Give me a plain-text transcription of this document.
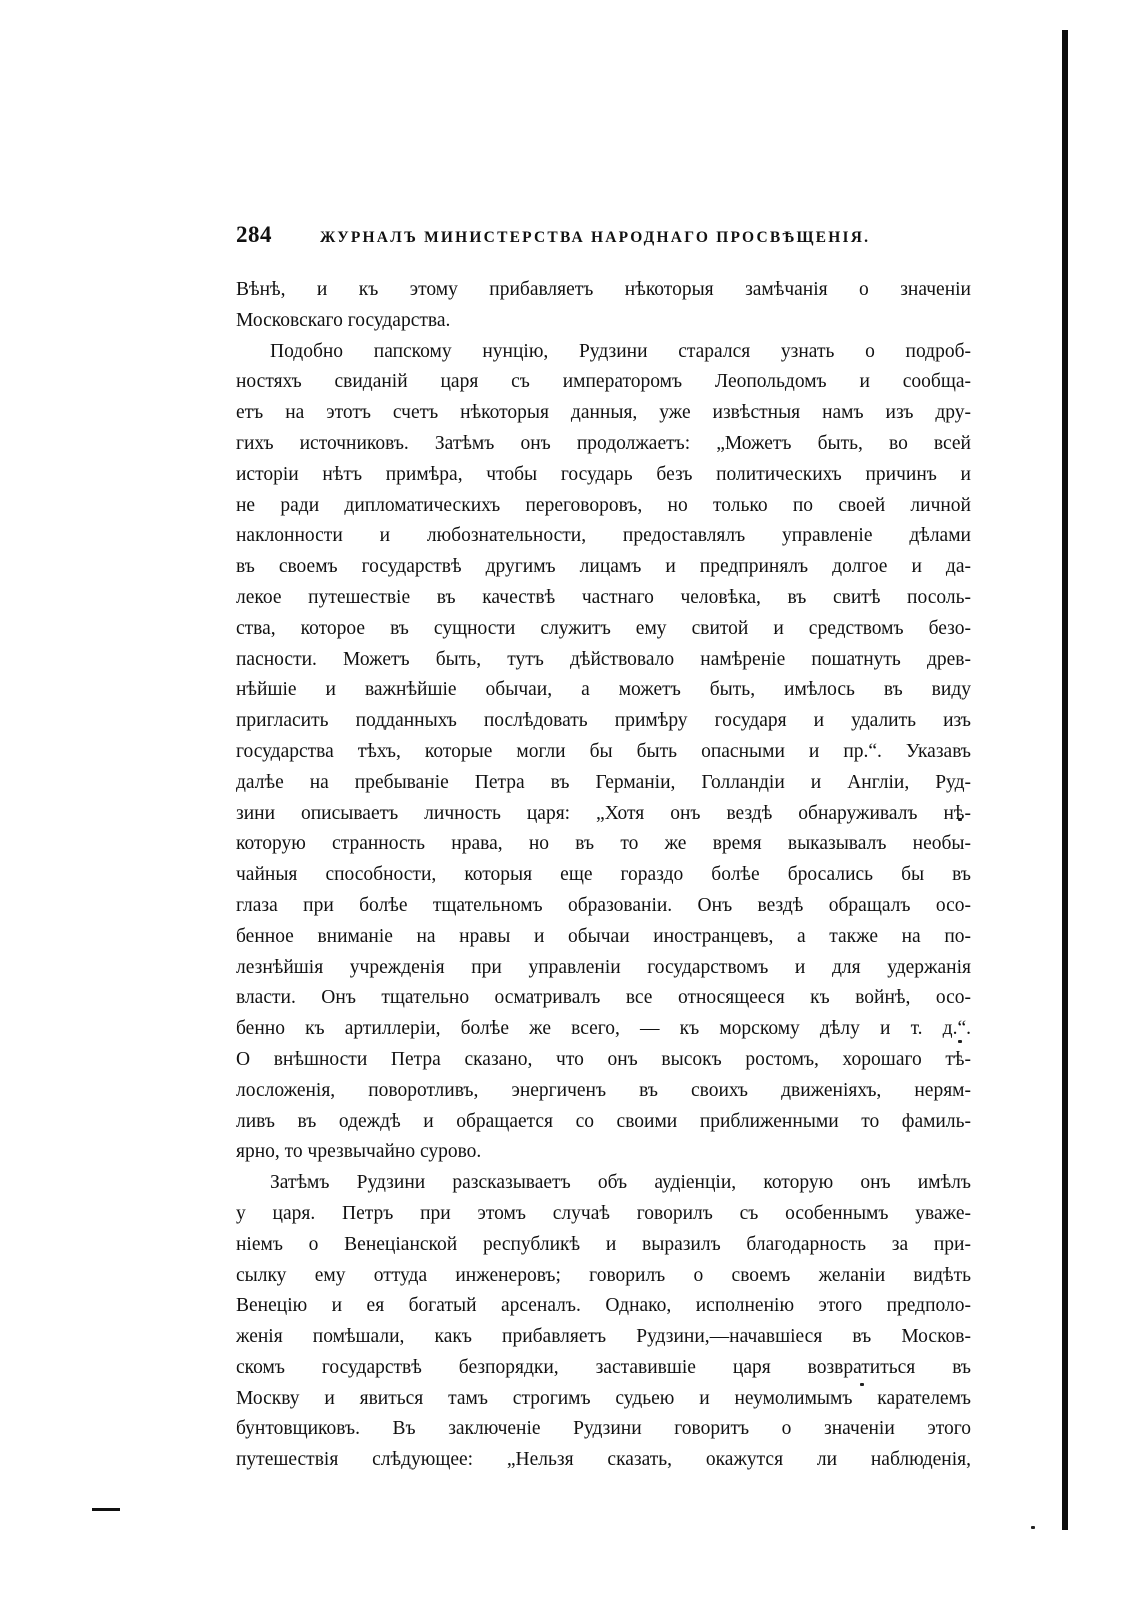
284	ЖУРНАЛЪ МИНИСТЕРСТВА НАРОДНАГО ПРОСВѢЩЕНІЯ.
Вѣнѣ, и къ этому прибавляетъ нѣкоторыя замѣчанія о значеніи
Московскаго государства.
Подобно папскому нунцію, Рудзини старался узнать о подроб-
ностяхъ свиданій царя съ императоромъ Леопольдомъ и сообща-
етъ на этотъ счетъ нѣкоторыя данныя, уже извѣстныя намъ изъ дру-
гихъ источниковъ. Затѣмъ онъ продолжаетъ: „Можетъ быть, во всей
исторіи нѣтъ примѣра, чтобы государь безъ политическихъ причинъ и
не ради дипломатическихъ переговоровъ, но только по своей личной
наклонности и любознательности, предоставлялъ управленіе дѣлами
въ своемъ государствѣ другимъ лицамъ и предпринялъ долгое и да-
лекое путешествіе въ качествѣ частнаго человѣка, въ свитѣ посоль-
ства, которое въ сущности служитъ ему свитой и средствомъ безо-
пасности. Можетъ быть, тутъ дѣйствовало намѣреніе пошатнуть древ-
нѣйшіе и важнѣйшіе обычаи, а можетъ быть, имѣлось въ виду
пригласить подданныхъ послѣдовать примѣру государя и удалить изъ
государства тѣхъ, которые могли бы быть опасными и пр.“. Указавъ
далѣе на пребываніе Петра въ Германіи, Голландіи и Англіи, Руд-
зини описываетъ личность царя: „Хотя онъ вездѣ обнаруживалъ нѣ-
которую странность нрава, но въ то же время выказывалъ необы-
чайныя способности, которыя еще гораздо болѣе бросались бы въ
глаза при болѣе тщательномъ образованіи. Онъ вездѣ обращалъ осо-
бенное вниманіе на нравы и обычаи иностранцевъ, а также на по-
лезнѣйшія учрежденія при управленіи государствомъ и для удержанія
власти. Онъ тщательно осматривалъ все относящееся къ войнѣ, осо-
бенно къ артиллеріи, болѣе же всего, — къ морскому дѣлу и т. д.“.
О внѣшности Петра сказано, что онъ высокъ ростомъ, хорошаго тѣ-
лосложенія, поворотливъ, энергиченъ въ своихъ движеніяхъ, нерям-
ливъ въ одеждѣ и обращается со своими приближенными то фамиль-
ярно, то чрезвычайно сурово.
Затѣмъ Рудзини разсказываетъ объ аудіенціи, которую онъ имѣлъ
у царя. Петръ при этомъ случаѣ говорилъ съ особеннымъ уваже-
ніемъ о Венеціанской республикѣ и выразилъ благодарность за при-
сылку ему оттуда инженеровъ; говорилъ о своемъ желаніи видѣть
Венецію и ея богатый арсеналъ. Однако, исполненію этого предполо-
женія помѣшали, какъ прибавляетъ Рудзини,—начавшіеся въ Москов-
скомъ государствѣ безпорядки, заставившіе царя возвратиться въ
Москву и явиться тамъ строгимъ судьею и неумолимымъ карателемъ
бунтовщиковъ. Въ заключеніе Рудзини говоритъ о значеніи этого
путешествія слѣдующее: „Нельзя сказать, окажутся ли наблюденія,
